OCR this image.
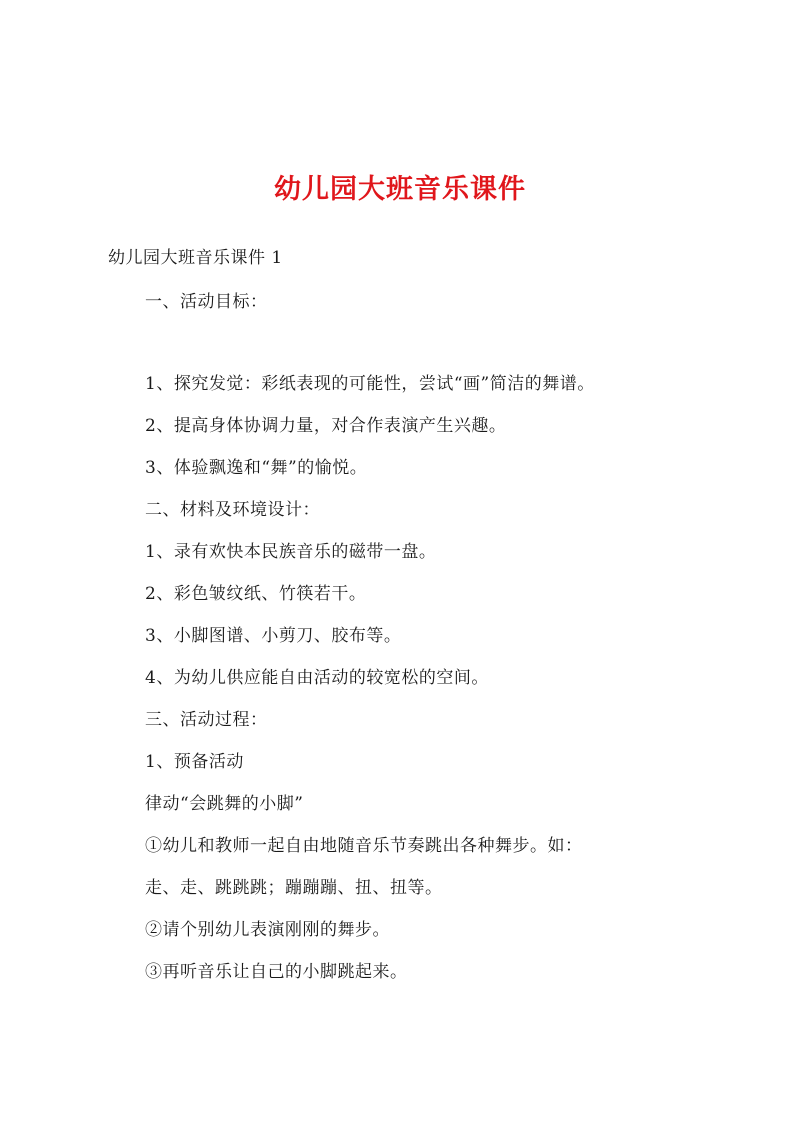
幼儿园大班音乐课件
幼儿园大班音乐课件 1
一、活动目标：
1、探究发觉：彩纸表现的可能性，尝试“画”简洁的舞谱。
2、提高身体协调力量，对合作表演产生兴趣。
3、体验飘逸和“舞”的愉悦。
二、材料及环境设计：
1、录有欢快本民族音乐的磁带一盘。
2、彩色皱纹纸、竹筷若干。
3、小脚图谱、小剪刀、胶布等。
4、为幼儿供应能自由活动的较宽松的空间。
三、活动过程：
1、预备活动
律动“会跳舞的小脚”
①幼儿和教师一起自由地随音乐节奏跳出各种舞步。如：
走、走、跳跳跳；蹦蹦蹦、扭、扭等。
②请个别幼儿表演刚刚的舞步。
③再听音乐让自己的小脚跳起来。
